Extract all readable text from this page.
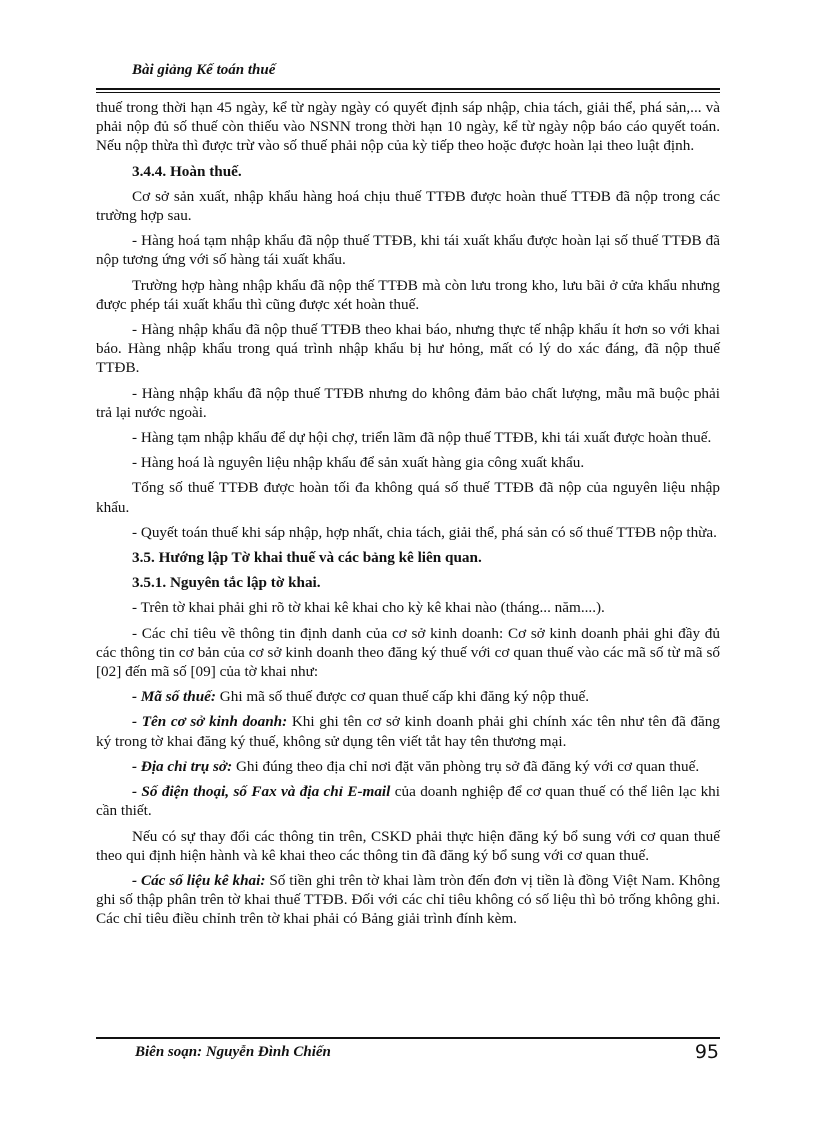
Bài giảng Kế toán thuế

thuế trong thời hạn 45 ngày, kể từ ngày ngày có quyết định sáp nhập, chia tách, giải thể, phá sản,... và phải nộp đủ số thuế còn thiếu vào NSNN trong thời hạn 10 ngày, kể từ ngày nộp báo cáo quyết toán. Nếu nộp thừa thì được trừ vào số thuế phải nộp của kỳ tiếp theo hoặc được hoàn lại theo luật định.

3.4.4. Hoàn thuế.

Cơ sở sản xuất, nhập khẩu hàng hoá chịu thuế TTĐB được hoàn thuế TTĐB đã nộp trong các trường hợp sau.

- Hàng hoá tạm nhập khẩu đã nộp thuế TTĐB, khi tái xuất khẩu được hoàn lại số thuế TTĐB đã nộp tương ứng với số hàng tái xuất khẩu.

Trường hợp hàng nhập khẩu đã nộp thế TTĐB mà còn lưu trong kho, lưu bãi ở cửa khẩu nhưng được phép tái xuất khẩu thì cũng được xét hoàn thuế.

- Hàng nhập khẩu đã nộp thuế TTĐB theo khai báo, nhưng thực tế nhập khẩu ít hơn so với khai báo. Hàng nhập khẩu trong quá trình nhập khẩu bị hư hỏng, mất có lý do xác đáng, đã nộp thuế TTĐB.

- Hàng nhập khẩu đã nộp thuế TTĐB nhưng do không đảm bảo chất lượng, mẫu mã buộc phải trả lại nước ngoài.

- Hàng tạm nhập khẩu để dự hội chợ, triển lãm đã nộp thuế TTĐB, khi tái xuất được hoàn thuế.

- Hàng hoá là nguyên liệu nhập khẩu để sản xuất hàng gia công xuất khẩu.

Tổng số thuế TTĐB được hoàn tối đa không quá số thuế TTĐB đã nộp của nguyên liệu nhập khẩu.

- Quyết toán thuế khi sáp nhập, hợp nhất, chia tách, giải thể, phá sản có số thuế TTĐB nộp thừa.

3.5. Hướng lập Tờ khai thuế và các bảng kê liên quan.

3.5.1. Nguyên tắc lập tờ khai.

- Trên tờ khai phải ghi rõ tờ khai kê khai cho kỳ kê khai nào (tháng... năm....).

- Các chỉ tiêu về thông tin định danh của cơ sở kinh doanh: Cơ sở kinh doanh phải ghi đầy đủ các thông tin cơ bản của cơ sở kinh doanh theo đăng ký thuế với cơ quan thuế vào các mã số từ mã số [02] đến mã số [09] của tờ khai như:

- Mã số thuế: Ghi mã số thuế được cơ quan thuế cấp khi đăng ký nộp thuế.

- Tên cơ sở kinh doanh: Khi ghi tên cơ sở kinh doanh phải ghi chính xác tên như tên đã đăng ký trong tờ khai đăng ký thuế, không sử dụng tên viết tắt hay tên thương mại.

- Địa chỉ trụ sở: Ghi đúng theo địa chỉ nơi đặt văn phòng trụ sở đã đăng ký với cơ quan thuế.

- Số điện thoại, số Fax và địa chỉ E-mail của doanh nghiệp để cơ quan thuế có thể liên lạc khi cần thiết.

Nếu có sự thay đổi các thông tin trên, CSKD phải thực hiện đăng ký bổ sung với cơ quan thuế theo qui định hiện hành và kê khai theo các thông tin đã đăng ký bổ sung với cơ quan thuế.

- Các số liệu kê khai: Số tiền ghi trên tờ khai làm tròn đến đơn vị tiền là đồng Việt Nam. Không ghi số thập phân trên tờ khai thuế TTĐB. Đối với các chỉ tiêu không có số liệu thì bỏ trống không ghi. Các chỉ tiêu điều chỉnh trên tờ khai phải có Bảng giải trình đính kèm.

Biên soạn: Nguyễn Đình Chiến	95
